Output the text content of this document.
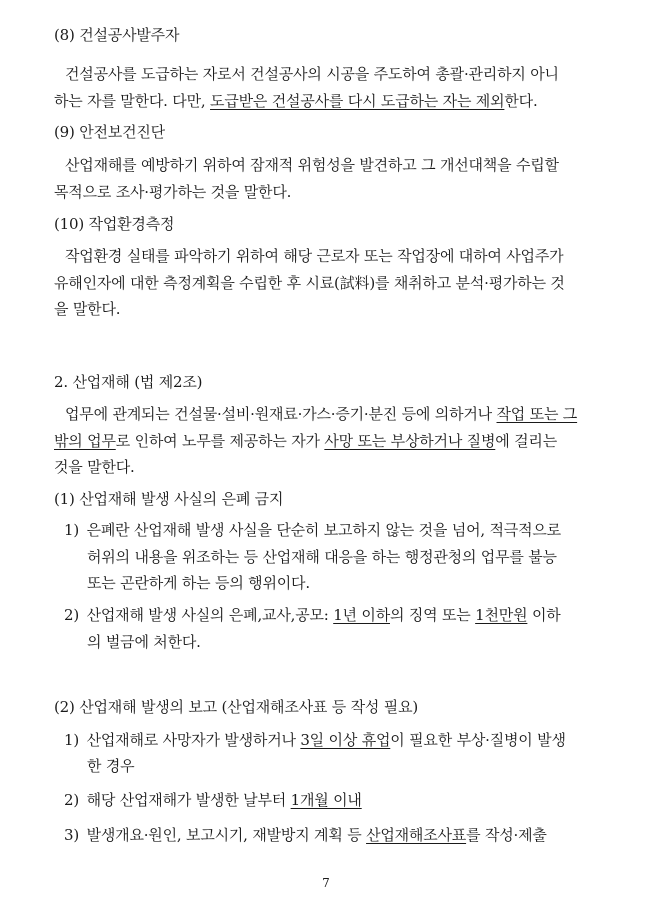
(8) 건설공사발주자
건설공사를 도급하는 자로서 건설공사의 시공을 주도하여 총괄·관리하지 아니
하는 자를 말한다. 다만, 도급받은 건설공사를 다시 도급하는 자는 제외한다.
(9) 안전보건진단
산업재해를 예방하기 위하여 잠재적 위험성을 발견하고 그 개선대책을 수립할
목적으로 조사·평가하는 것을 말한다.
(10) 작업환경측정
작업환경 실태를 파악하기 위하여 해당 근로자 또는 작업장에 대하여 사업주가
유해인자에 대한 측정계획을 수립한 후 시료(試料)를 채취하고 분석·평가하는 것
을 말한다.
2. 산업재해 (법 제2조)
업무에 관계되는 건설물·설비·원재료·가스·증기·분진 등에 의하거나 작업 또는 그
밖의 업무로 인하여 노무를 제공하는 자가 사망 또는 부상하거나 질병에 걸리는
것을 말한다.
(1) 산업재해 발생 사실의 은폐 금지
1) 은폐란 산업재해 발생 사실을 단순히 보고하지 않는 것을 넘어, 적극적으로
허위의 내용을 위조하는 등 산업재해 대응을 하는 행정관청의 업무를 불능
또는 곤란하게 하는 등의 행위이다.
2) 산업재해 발생 사실의 은폐,교사,공모: 1년 이하의 징역 또는 1천만원 이하
의 벌금에 처한다.
(2) 산업재해 발생의 보고 (산업재해조사표 등 작성 필요)
1) 산업재해로 사망자가 발생하거나 3일 이상 휴업이 필요한 부상·질병이 발생
한 경우
2) 해당 산업재해가 발생한 날부터 1개월 이내
3) 발생개요·원인, 보고시기, 재발방지 계획 등 산업재해조사표를 작성·제출
7
